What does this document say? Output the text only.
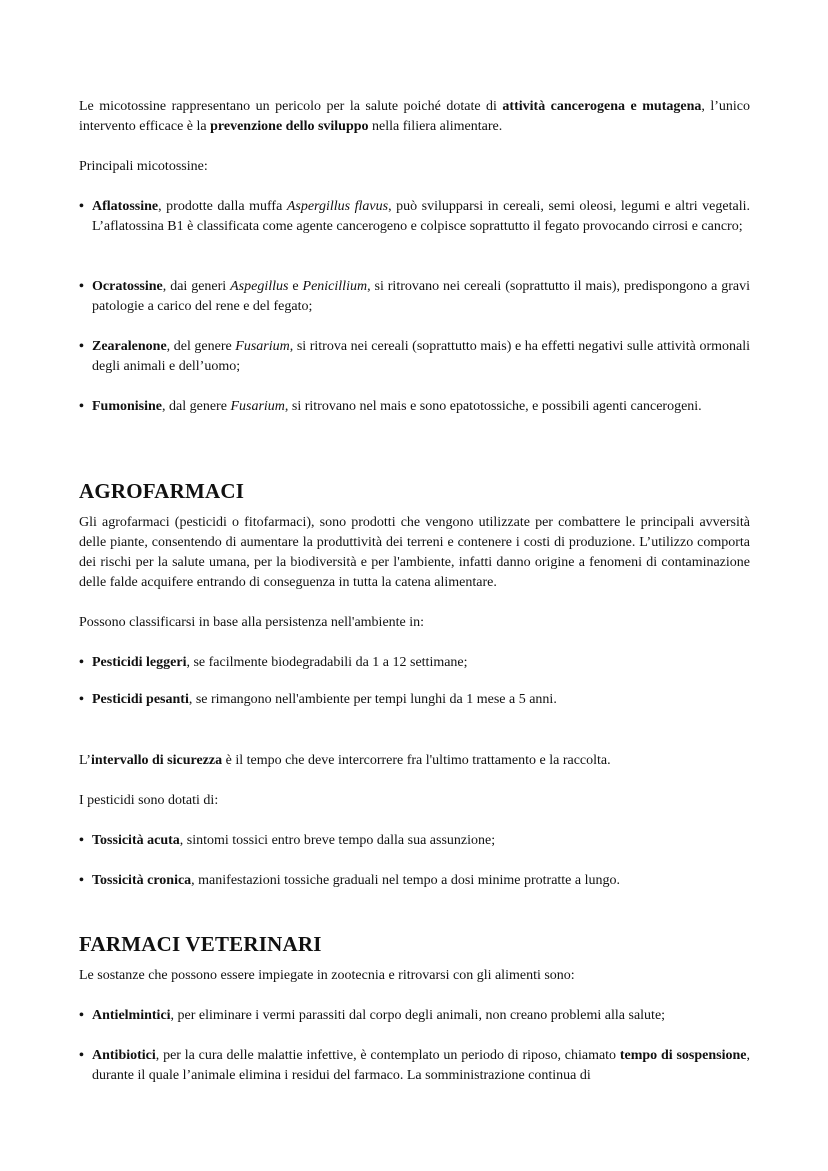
Le micotossine rappresentano un pericolo per la salute poiché dotate di attività cancerogena e mutagena, l’unico intervento efficace è la prevenzione dello sviluppo nella filiera alimentare.

Principali micotossine:

• Aflatossine, prodotte dalla muffa Aspergillus flavus, può svilupparsi in cereali, semi oleosi, legumi e altri vegetali. L’aflatossina B1 è classificata come agente cancerogeno e colpisce soprattutto il fegato provocando cirrosi e cancro;
• Ocratossine, dai generi Aspegillus e Penicillium, si ritrovano nei cereali (soprattutto il mais), predispongono a gravi patologie a carico del rene e del fegato;
• Zearalenone, del genere Fusarium, si ritrova nei cereali (soprattutto mais) e ha effetti negativi sulle attività ormonali degli animali e dell’uomo;
• Fumonisine, dal genere Fusarium, si ritrovano nel mais e sono epatotossiche, e possibili agenti cancerogeni.
AGROFARMACI

Gli agrofarmaci (pesticidi o fitofarmaci), sono prodotti che vengono utilizzate per combattere le principali avversità delle piante, consentendo di aumentare la produttività dei terreni e contenere i costi di produzione. L’utilizzo comporta dei rischi per la salute umana, per la biodiversità e per l'ambiente, infatti danno origine a fenomeni di contaminazione delle falde acquifere entrando di conseguenza in tutta la catena alimentare.

Possono classificarsi in base alla persistenza nell'ambiente in:

• Pesticidi leggeri, se facilmente biodegradabili da 1 a 12 settimane;
• Pesticidi pesanti, se rimangono nell'ambiente per tempi lunghi da 1 mese a 5 anni.

L’intervallo di sicurezza è il tempo che deve intercorrere fra l'ultimo trattamento e la raccolta.

I pesticidi sono dotati di:

• Tossicità acuta, sintomi tossici entro breve tempo dalla sua assunzione;
• Tossicità cronica, manifestazioni tossiche graduali nel tempo a dosi minime protratte a lungo.
FARMACI VETERINARI

Le sostanze che possono essere impiegate in zootecnia e ritrovarsi con gli alimenti sono:

• Antielmintici, per eliminare i vermi parassiti dal corpo degli animali, non creano problemi alla salute;
• Antibiotici, per la cura delle malattie infettive, è contemplato un periodo di riposo, chiamato tempo di sospensione, durante il quale l’animale elimina i residui del farmaco. La somministrazione continua di
